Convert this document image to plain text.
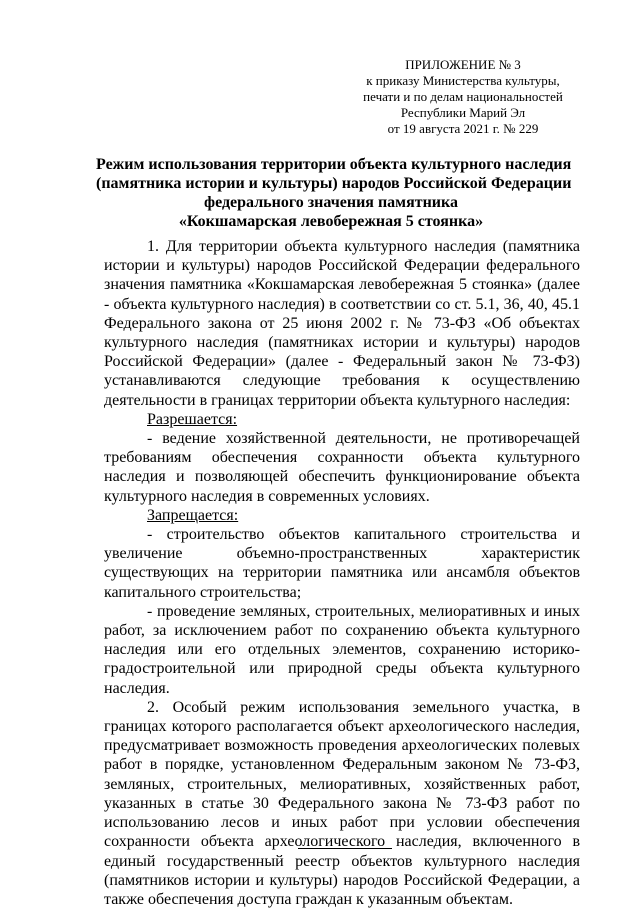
ПРИЛОЖЕНИЕ № 3
к приказу Министерства культуры,
печати и по делам национальностей
Республики Марий Эл
от 19 августа 2021 г. № 229
Режим использования территории объекта культурного наследия
(памятника истории и культуры) народов Российской Федерации
федерального значения памятника
«Кокшамарская левобережная 5 стоянка»

1. Для территории объекта культурного наследия (памятника истории и культуры) народов Российской Федерации федерального значения памятника «Кокшамарская левобережная 5 стоянка» (далее - объекта культурного наследия) в соответствии со ст. 5.1, 36, 40, 45.1 Федерального закона от 25 июня 2002 г. № 73-ФЗ «Об объектах культурного наследия (памятниках истории и культуры) народов Российской Федерации» (далее - Федеральный закон № 73-ФЗ) устанавливаются следующие требования к осуществлению деятельности в границах территории объекта культурного наследия:

Разрешается:

- ведение хозяйственной деятельности, не противоречащей требованиям обеспечения сохранности объекта культурного наследия и позволяющей обеспечить функционирование объекта культурного наследия в современных условиях.

Запрещается:

- строительство объектов капитального строительства и увеличение объемно-пространственных характеристик существующих на территории памятника или ансамбля объектов капитального строительства;

- проведение земляных, строительных, мелиоративных и иных работ, за исключением работ по сохранению объекта культурного наследия или его отдельных элементов, сохранению историко-градостроительной или природной среды объекта культурного наследия.

2. Особый режим использования земельного участка, в границах которого располагается объект археологического наследия, предусматривает возможность проведения археологических полевых работ в порядке, установленном Федеральным законом № 73-ФЗ, земляных, строительных, мелиоративных, хозяйственных работ, указанных в статье 30 Федерального закона № 73-ФЗ работ по использованию лесов и иных работ при условии обеспечения сохранности объекта археологического наследия, включенного в единый государственный реестр объектов культурного наследия (памятников истории и культуры) народов Российской Федерации, а также обеспечения доступа граждан к указанным объектам.
